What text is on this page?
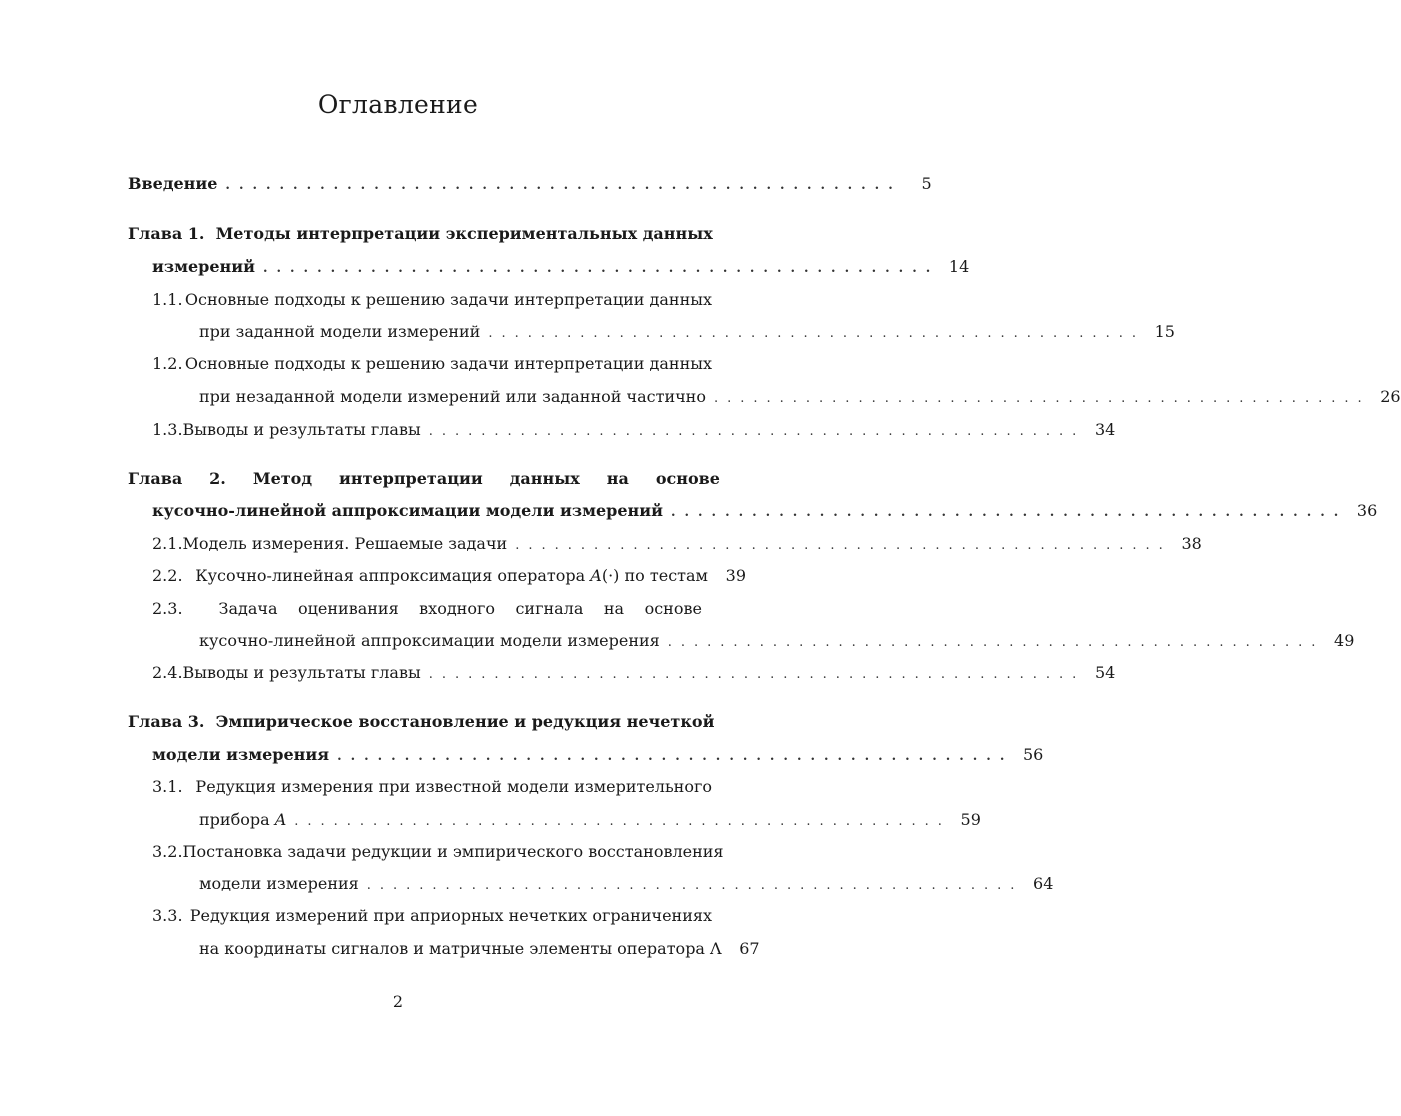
Оглавление
Введение ..................................................	5
Глава 1.  Методы интерпретации экспериментальных данных
измерений .................................................. 14
1.1. Основные подходы к решению задачи интерпретации данных
при заданной модели измерений .................................................. 15
1.2. Основные подходы к решению задачи интерпретации данных
при незаданной модели измерений или заданной частично .................................................. 26
1.3. Выводы и результаты главы .................................................. 34
Глава 2. Метод интерпретации данных на основе
кусочно-линейной аппроксимации модели измерений .................................................. 36
2.1. Модель измерения. Решаемые задачи .................................................. 38
2.2. Кусочно-линейная аппроксимация оператора A (·) по тестам 39
2.3.	Задача оценивания входного сигнала на основе
кусочно-линейной аппроксимации модели измерения .................................................. 49
2.4. Выводы и результаты главы .................................................. 54
Глава 3.  Эмпирическое восстановление и редукция нечеткой
модели измерения .................................................. 56
3.1. Редукция измерения при известной модели измерительного
прибора A .................................................. 59
3.2. Постановка задачи редукции и эмпирического восстановления
модели измерения .................................................. 64
3.3. Редукция измерений при априорных нечетких ограничениях
на координаты сигналов и матричные элементы оператора Λ 67
2
